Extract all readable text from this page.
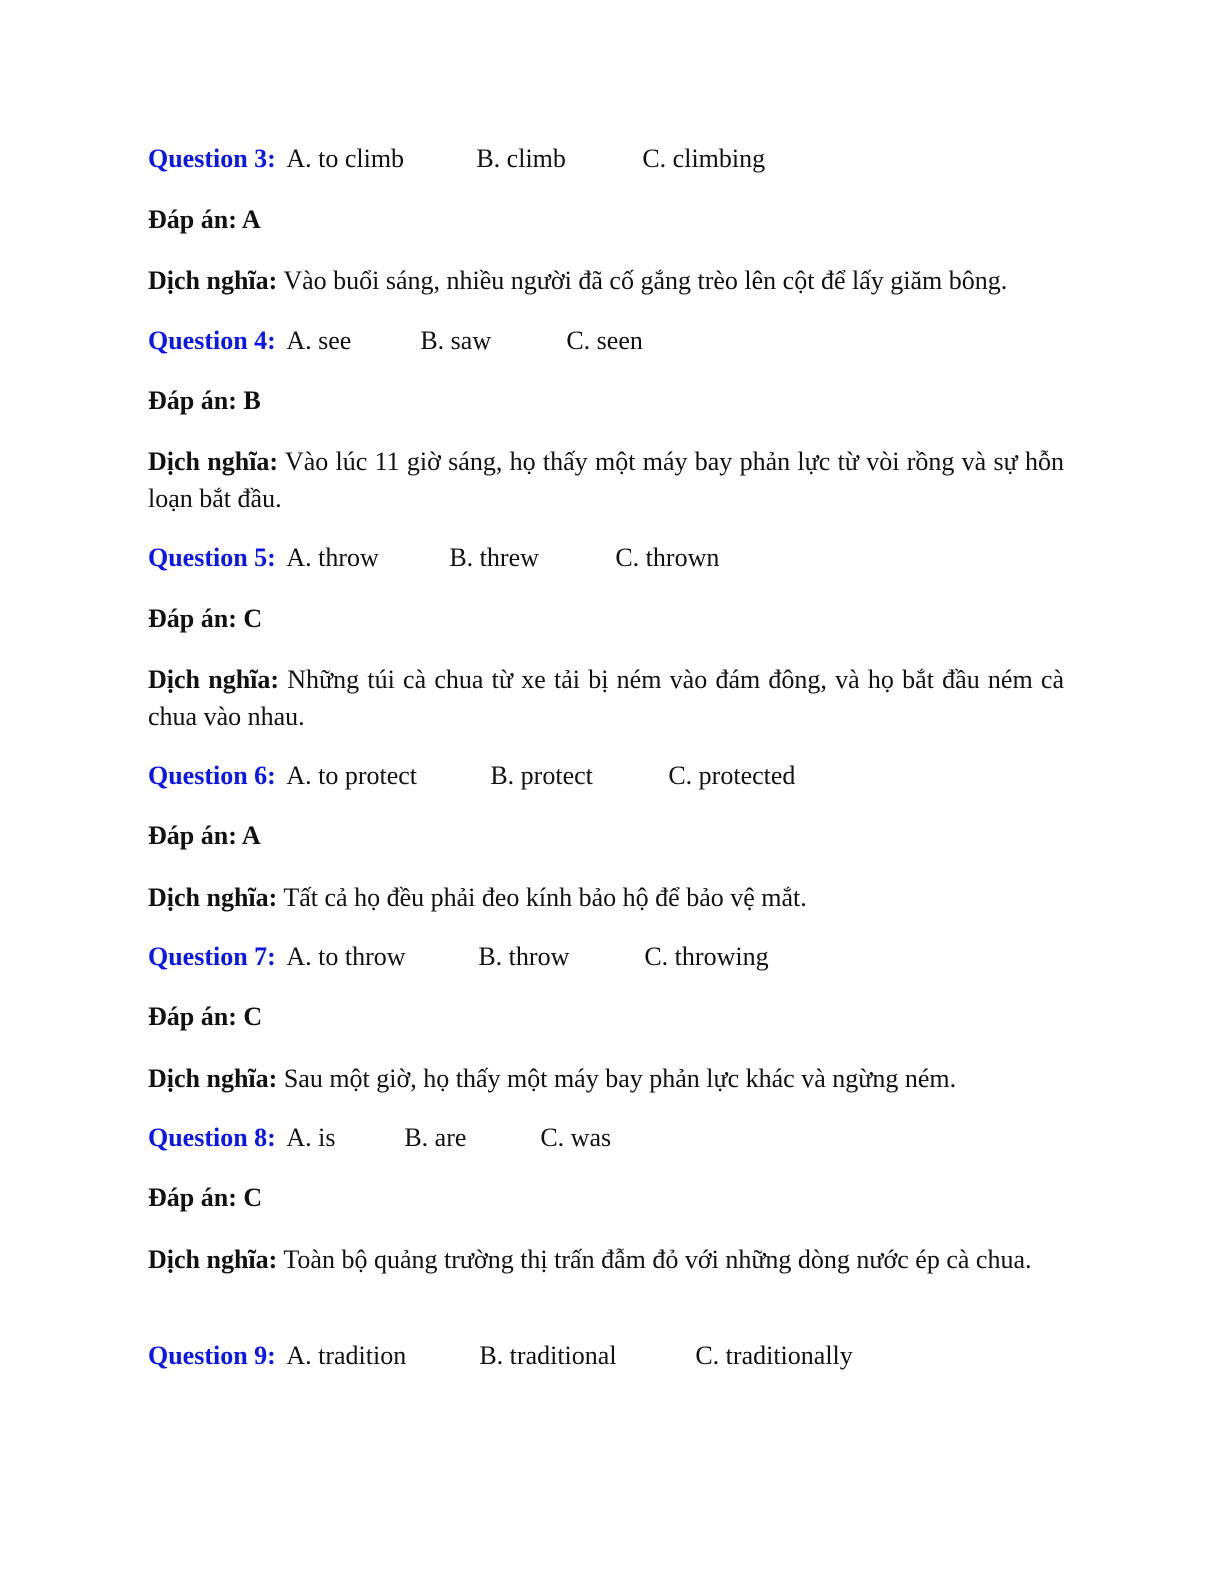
Question 3: A. to climb	B. climb	C. climbing
Đáp án: A
Dịch nghĩa: Vào buổi sáng, nhiều người đã cố gắng trèo lên cột để lấy giăm bông.
Question 4: A. see	B. saw	C. seen
Đáp án: B
Dịch nghĩa: Vào lúc 11 giờ sáng, họ thấy một máy bay phản lực từ vòi rồng và sự hỗn loạn bắt đầu.
Question 5: A. throw	B. threw	C. thrown
Đáp án: C
Dịch nghĩa: Những túi cà chua từ xe tải bị ném vào đám đông, và họ bắt đầu ném cà chua vào nhau.
Question 6: A. to protect	B. protect	C. protected
Đáp án: A
Dịch nghĩa: Tất cả họ đều phải đeo kính bảo hộ để bảo vệ mắt.
Question 7: A. to throw	B. throw	C. throwing
Đáp án: C
Dịch nghĩa: Sau một giờ, họ thấy một máy bay phản lực khác và ngừng ném.
Question 8: A. is	B. are	C. was
Đáp án: C
Dịch nghĩa: Toàn bộ quảng trường thị trấn đẫm đỏ với những dòng nước ép cà chua.
Question 9: A. tradition	B. traditional	C. traditionally
